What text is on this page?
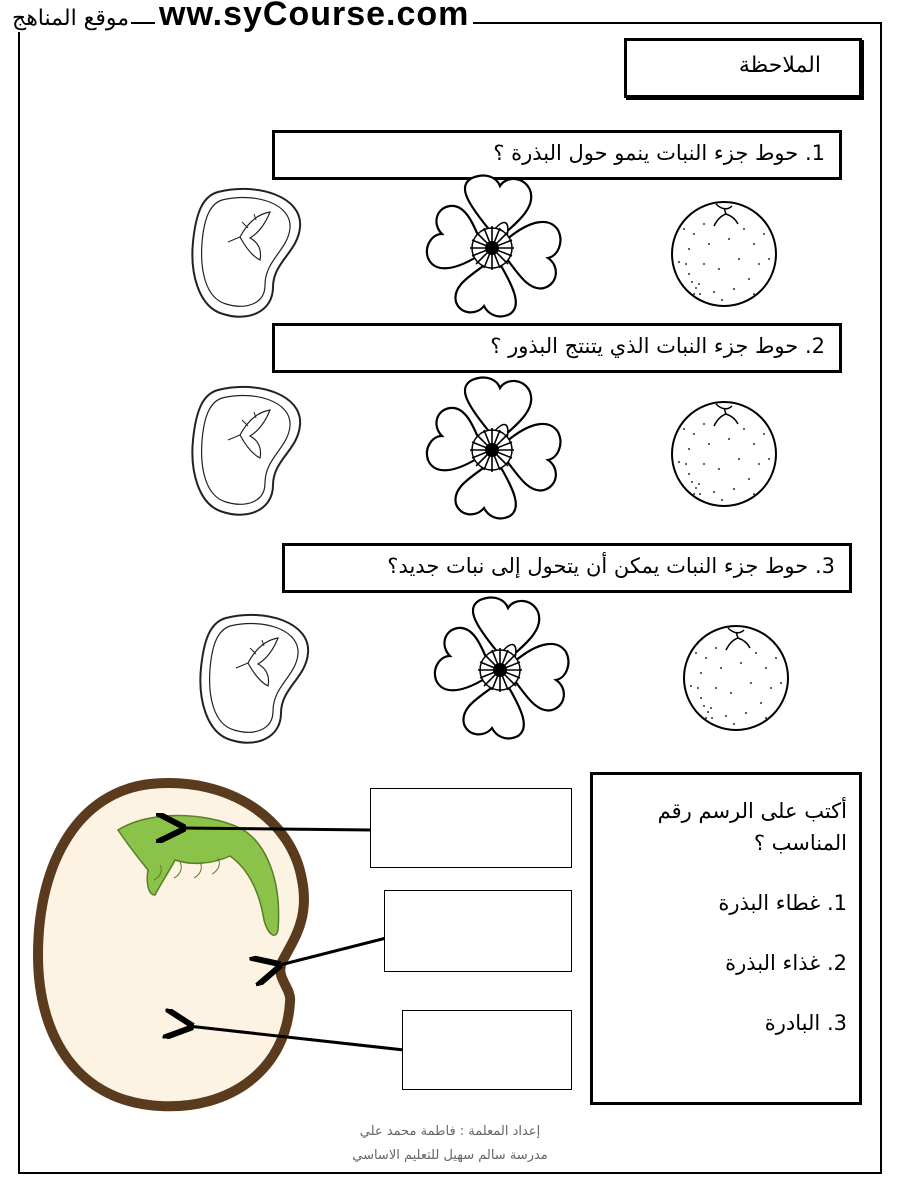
ww.syCourse.com
موقع المناهج
الملاحظة
1. حوط جزء النبات ينمو حول البذرة ؟
2. حوط جزء النبات الذي يتنتج البذور ؟
3. حوط جزء النبات يمكن أن يتحول إلى نبات جديد؟
أكتب على الرسم رقم
المناسب ؟
1. غطاء البذرة
2. غذاء البذرة
3. البادرة
إعداد المعلمة : فاطمة محمد علي
مدرسة سالم سهيل للتعليم الاساسي
